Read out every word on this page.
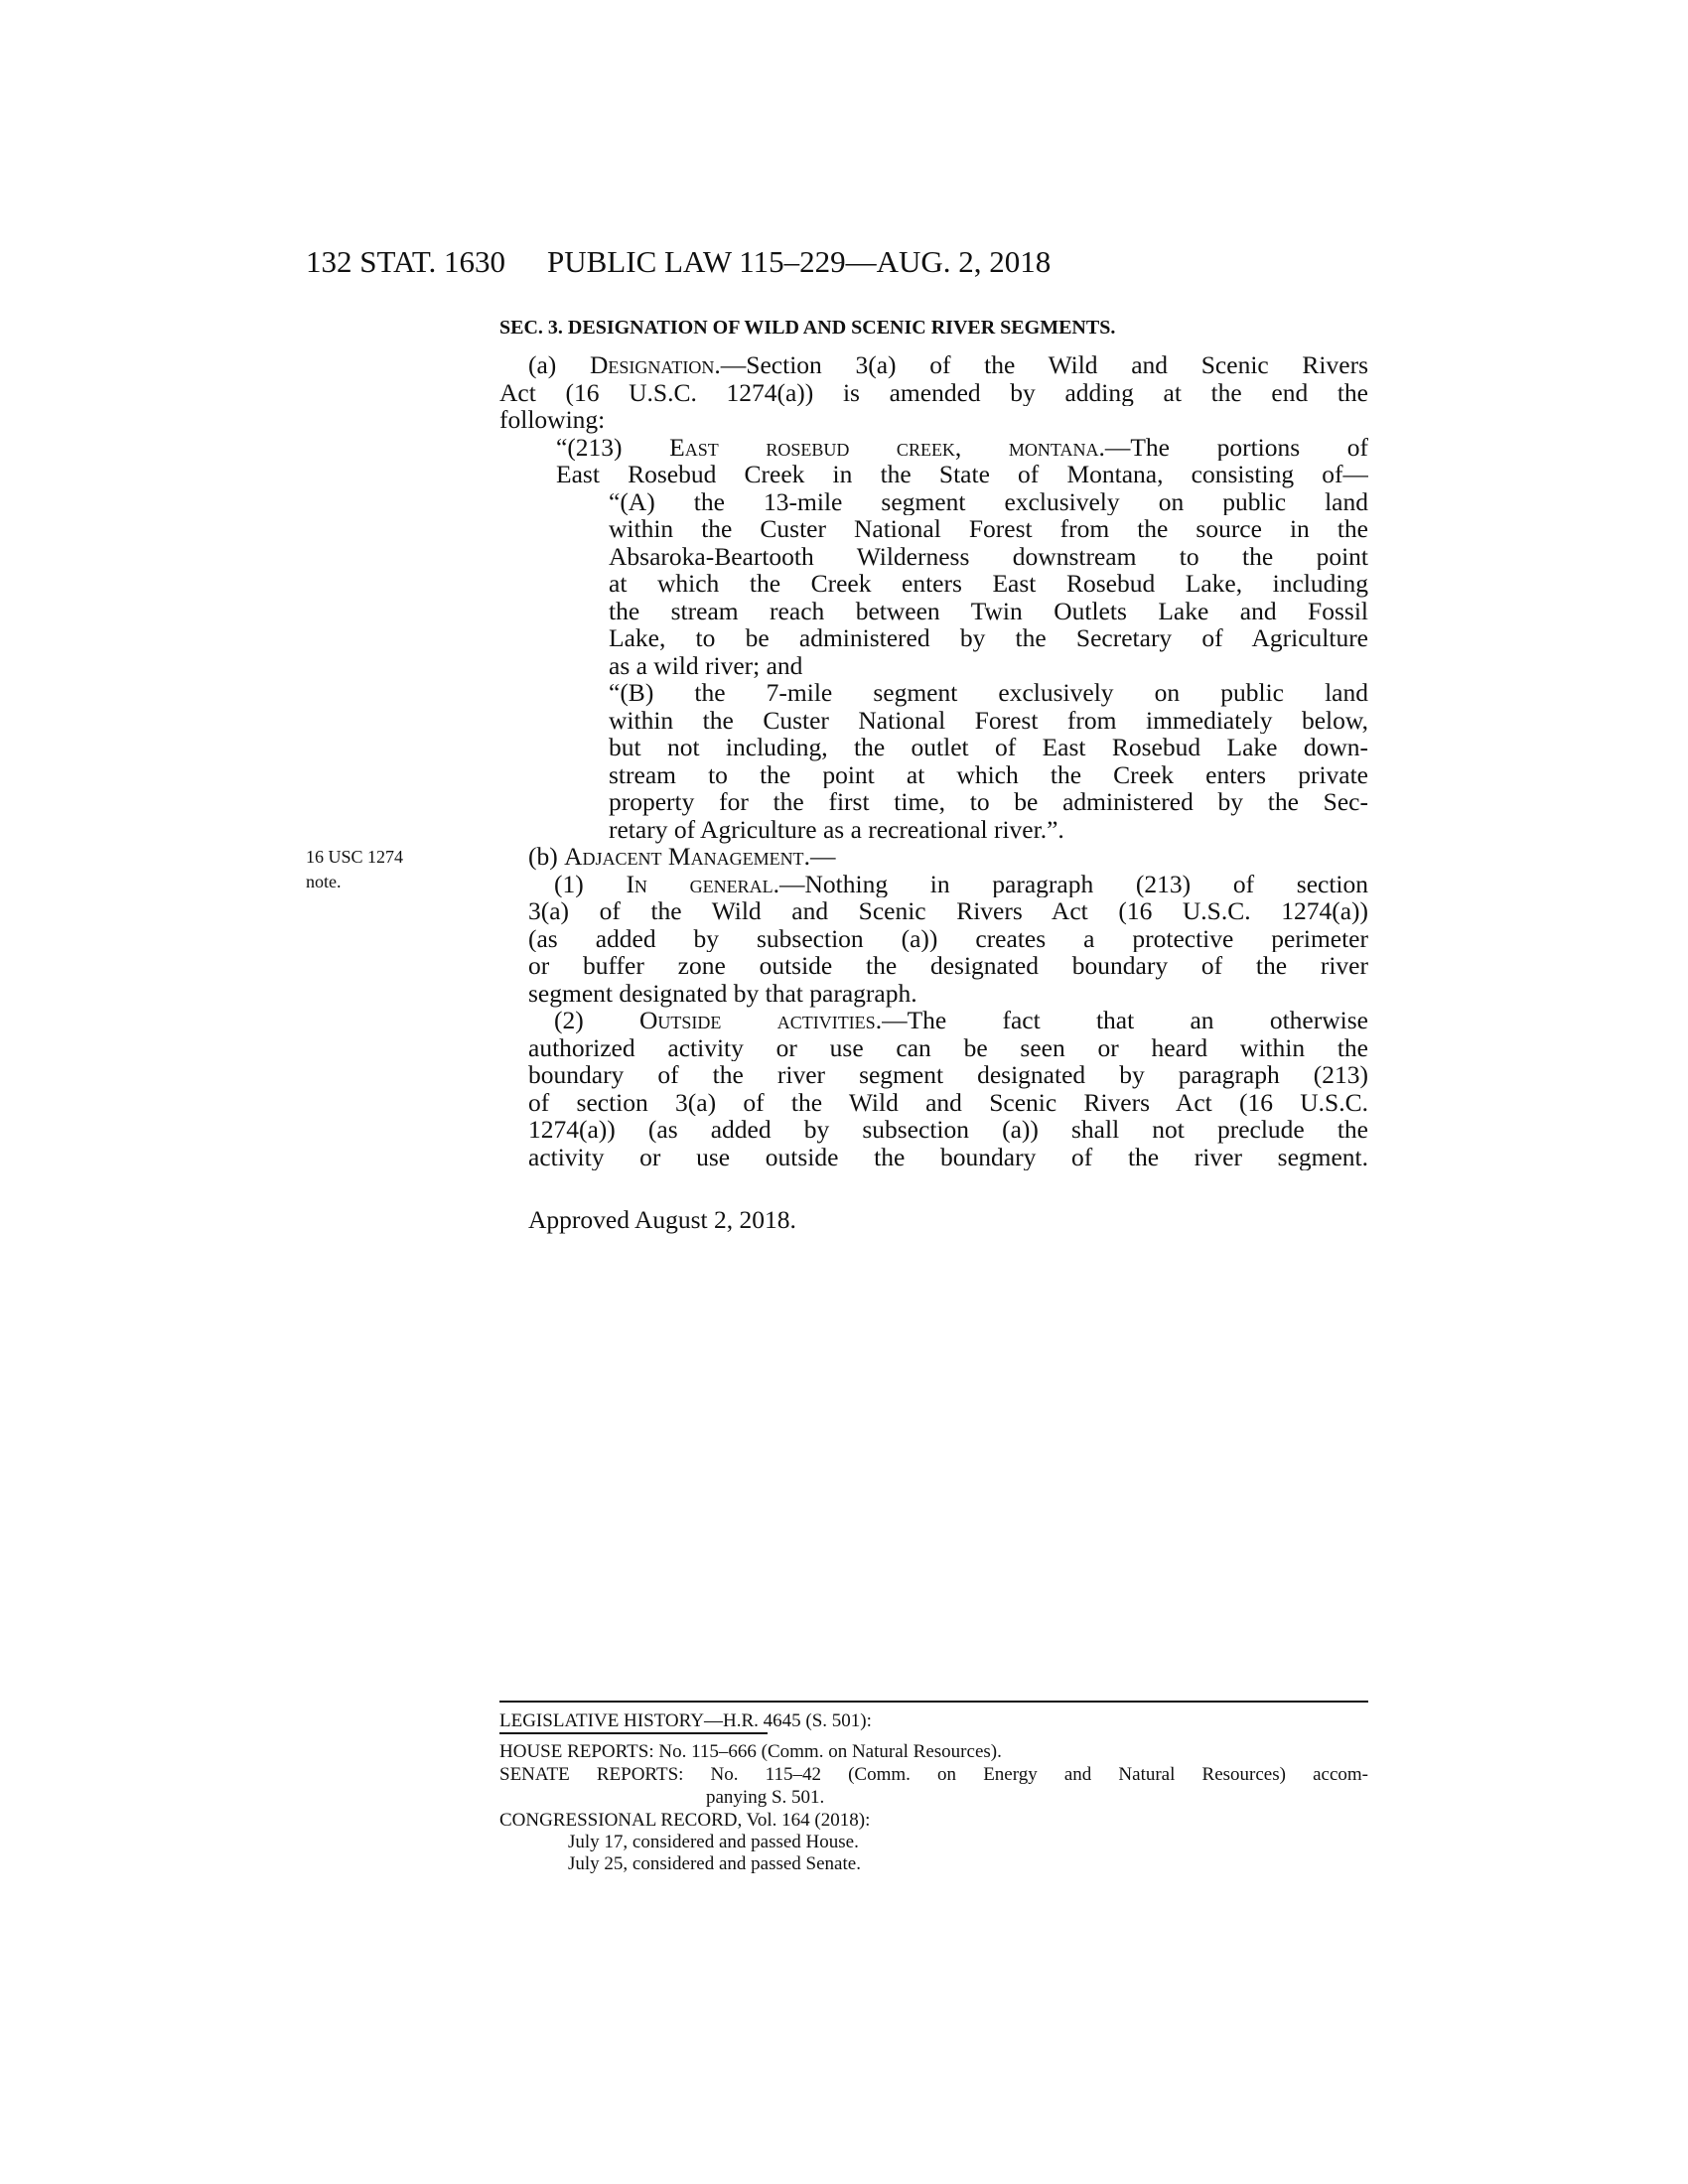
132 STAT. 1630 PUBLIC LAW 115–229—AUG. 2, 2018
SEC. 3. DESIGNATION OF WILD AND SCENIC RIVER SEGMENTS.
16 USC 1274
note.
(a) Designation.—Section 3(a) of the Wild and Scenic Rivers
Act (16 U.S.C. 1274(a)) is amended by adding at the end the
following:
“(213) East rosebud creek, montana.—The portions of
East Rosebud Creek in the State of Montana, consisting of—
“(A) the 13-mile segment exclusively on public land
within the Custer National Forest from the source in the
Absaroka-Beartooth Wilderness downstream to the point
at which the Creek enters East Rosebud Lake, including
the stream reach between Twin Outlets Lake and Fossil
Lake, to be administered by the Secretary of Agriculture
as a wild river; and
“(B) the 7-mile segment exclusively on public land
within the Custer National Forest from immediately below,
but not including, the outlet of East Rosebud Lake down-
stream to the point at which the Creek enters private
property for the first time, to be administered by the Sec-
retary of Agriculture as a recreational river.”.
(b) Adjacent Management.—
(1) In general.—Nothing in paragraph (213) of section
3(a) of the Wild and Scenic Rivers Act (16 U.S.C. 1274(a))
(as added by subsection (a)) creates a protective perimeter
or buffer zone outside the designated boundary of the river
segment designated by that paragraph.
(2) Outside activities.—The fact that an otherwise
authorized activity or use can be seen or heard within the
boundary of the river segment designated by paragraph (213)
of section 3(a) of the Wild and Scenic Rivers Act (16 U.S.C.
1274(a)) (as added by subsection (a)) shall not preclude the
activity or use outside the boundary of the river segment.
Approved August 2, 2018.
LEGISLATIVE HISTORY—H.R. 4645 (S. 501):
HOUSE REPORTS: No. 115–666 (Comm. on Natural Resources).
SENATE REPORTS: No. 115–42 (Comm. on Energy and Natural Resources) accom-
panying S. 501.
CONGRESSIONAL RECORD, Vol. 164 (2018):
July 17, considered and passed House.
July 25, considered and passed Senate.
